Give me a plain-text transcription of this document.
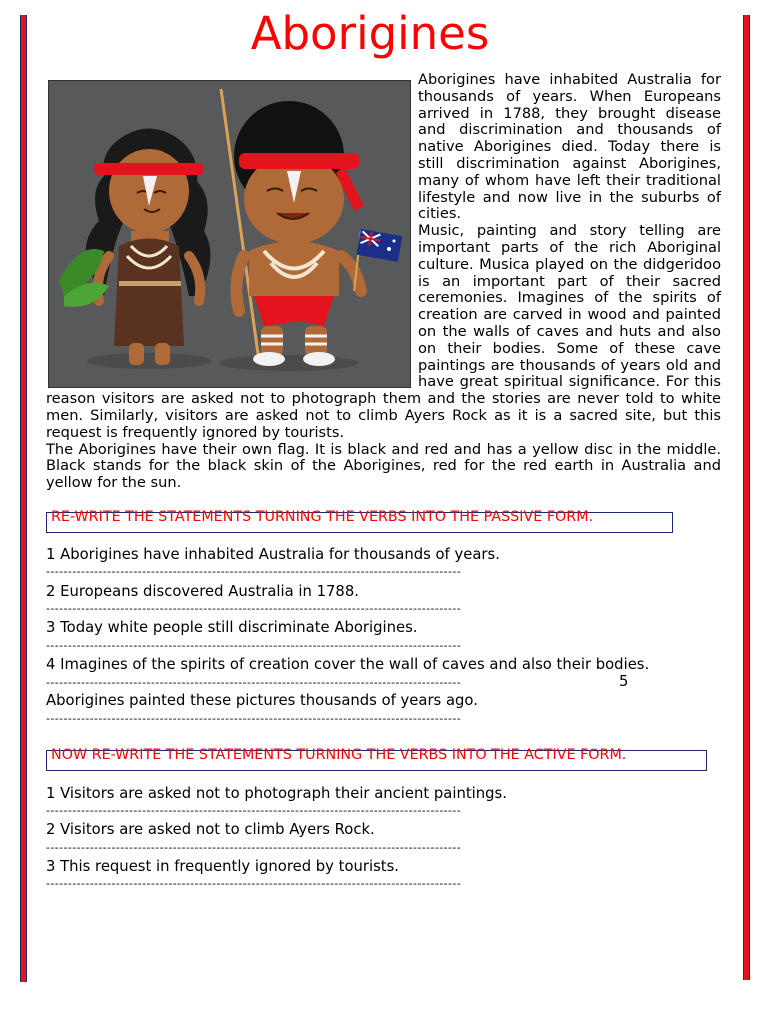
Aborigines

Aborigines have inhabited Australia for thousands of years. When Europeans arrived in 1788, they brought disease and discrimination and thousands of native Aborigines died. Today there is still discrimination against Aborigines, many of whom have left their traditional lifestyle and now live in the suburbs of cities.

Music, painting and story telling are important parts of the rich Aboriginal culture. Musica played on the didgeridoo is an important part of their sacred ceremonies. Imagines of the spirits of creation are carved in wood and painted on the walls of caves and huts and also on their bodies. Some of these cave paintings are thousands of years old and have great spiritual significance. For this reason visitors are asked not to photograph them and the stories are never told to white men. Similarly, visitors are asked not to climb Ayers Rock as it is a sacred site, but this request is frequently ignored by tourists.

The Aborigines have their own flag. It is black and red and has a yellow disc in the middle. Black stands for the black skin of the Aborigines, red for the red earth in Australia and yellow for the sun.

RE-WRITE THE STATEMENTS TURNING THE VERBS INTO THE PASSIVE FORM.
1 Aborigines have inhabited Australia for thousands of years.
-----------------------------------------------------------------------------------------------
2 Europeans discovered Australia in 1788.
-----------------------------------------------------------------------------------------------
3 Today white people still discriminate Aborigines.
-----------------------------------------------------------------------------------------------
4 Imagines of the spirits of creation cover the wall of caves and also their bodies.
-----------------------------------------------------------------------------------------------	5
Aborigines painted these pictures thousands of years ago.
-----------------------------------------------------------------------------------------------
NOW RE-WRITE THE STATEMENTS TURNING THE VERBS INTO THE ACTIVE FORM.
1 Visitors are asked not to photograph their ancient paintings.
-----------------------------------------------------------------------------------------------
2 Visitors are asked not to climb Ayers Rock.
-----------------------------------------------------------------------------------------------
3 This request in frequently ignored by tourists.
-----------------------------------------------------------------------------------------------
